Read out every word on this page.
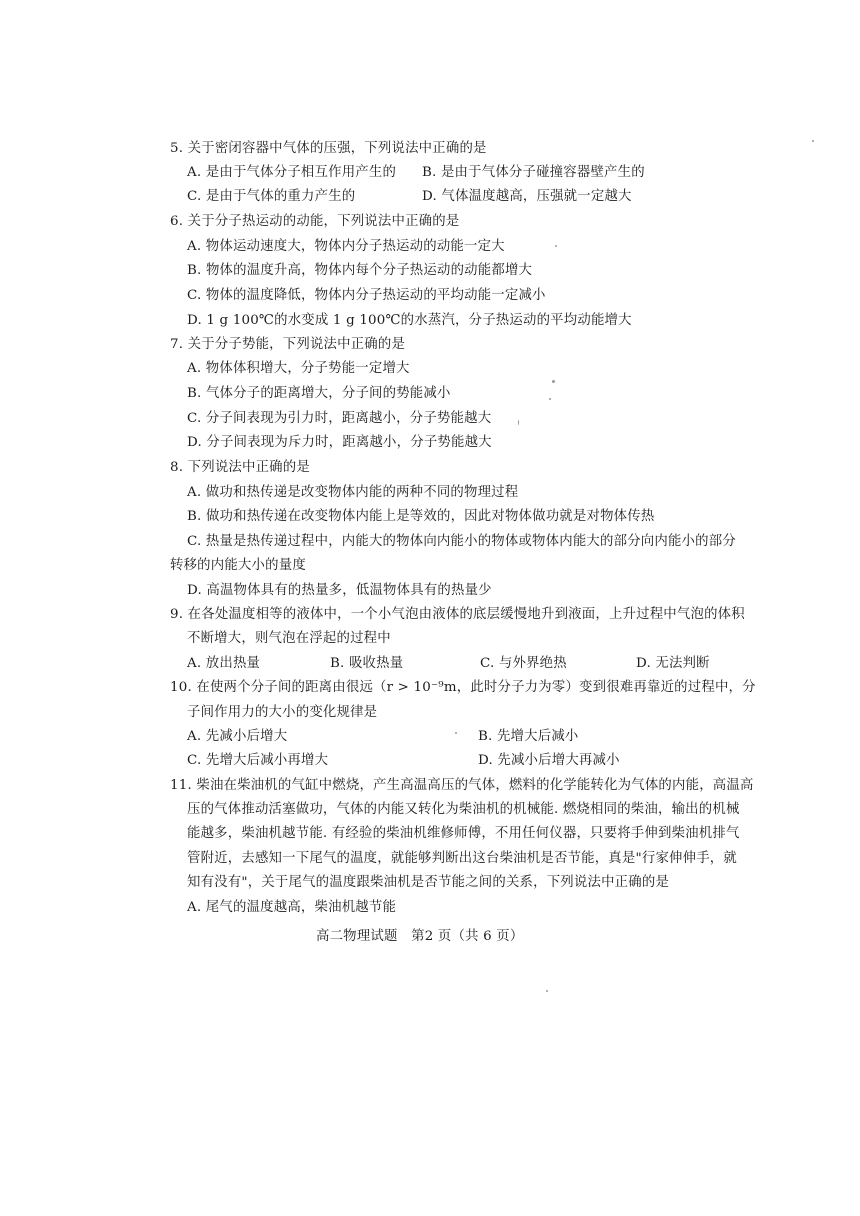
5. 关于密闭容器中气体的压强，下列说法中正确的是
A. 是由于气体分子相互作用产生的 B. 是由于气体分子碰撞容器壁产生的
C. 是由于气体的重力产生的	D. 气体温度越高，压强就一定越大
6. 关于分子热运动的动能，下列说法中正确的是
A. 物体运动速度大，物体内分子热运动的动能一定大
B. 物体的温度升高，物体内每个分子热运动的动能都增大
C. 物体的温度降低，物体内分子热运动的平均动能一定减小
D. 1 g 100℃的水变成 1 g 100℃的水蒸汽，分子热运动的平均动能增大
7. 关于分子势能，下列说法中正确的是
A. 物体体积增大，分子势能一定增大
B. 气体分子的距离增大，分子间的势能减小
C. 分子间表现为引力时，距离越小，分子势能越大
D. 分子间表现为斥力时，距离越小，分子势能越大
8. 下列说法中正确的是
A. 做功和热传递是改变物体内能的两种不同的物理过程
B. 做功和热传递在改变物体内能上是等效的，因此对物体做功就是对物体传热
C. 热量是热传递过程中，内能大的物体向内能小的物体或物体内能大的部分向内能小的部分
转移的内能大小的量度
D. 高温物体具有的热量多，低温物体具有的热量少
9. 在各处温度相等的液体中，一个小气泡由液体的底层缓慢地升到液面，上升过程中气泡的体积
不断增大，则气泡在浮起的过程中
A. 放出热量	B. 吸收热量	C. 与外界绝热	D. 无法判断
10. 在使两个分子间的距离由很远（r > 10⁻⁹m，此时分子力为零）变到很难再靠近的过程中，分
子间作用力的大小的变化规律是
A. 先减小后增大	B. 先增大后减小
C. 先增大后减小再增大	D. 先减小后增大再减小
11. 柴油在柴油机的气缸中燃烧，产生高温高压的气体，燃料的化学能转化为气体的内能，高温高
压的气体推动活塞做功，气体的内能又转化为柴油机的机械能. 燃烧相同的柴油，输出的机械
能越多，柴油机越节能. 有经验的柴油机维修师傅，不用任何仪器，只要将手伸到柴油机排气
管附近，去感知一下尾气的温度，就能够判断出这台柴油机是否节能，真是"行家伸伸手，就
知有没有"，关于尾气的温度跟柴油机是否节能之间的关系，下列说法中正确的是
A. 尾气的温度越高，柴油机越节能
高二物理试题　第2 页（共 6 页）
